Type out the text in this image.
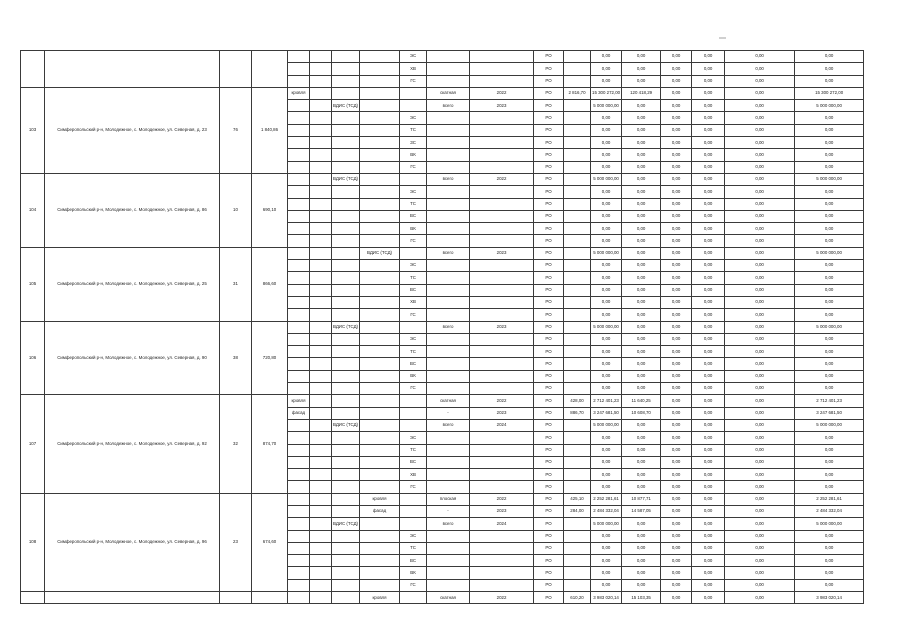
								ЭС			РО		0,00	0,00	0,00	0,00	0,00	0,00
								ХВ			РО		0,00	0,00	0,00	0,00	0,00	0,00
								ГС			РО		0,00	0,00	0,00	0,00	0,00	0,00
103	Симферопольский р-н, Молодежное, с. Молодежное, ул. Северная, д. 23	76	1 840,86	кровля					скатная	2022	РО	2 816,70	15 300 272,00	120 418,29	0,00	0,00	0,00	15 300 272,00
						ВДИС (ТСД)			всего	2023	РО		5 000 000,00	0,00	0,00	0,00	0,00	5 000 000,00
								ЭС			РО		0,00	0,00	0,00	0,00	0,00	0,00
								ТС			РО		0,00	0,00	0,00	0,00	0,00	0,00
								ЗС			РО		0,00	0,00	0,00	0,00	0,00	0,00
								ВК			РО		0,00	0,00	0,00	0,00	0,00	0,00
								ГС			РО		0,00	0,00	0,00	0,00	0,00	0,00
104	Симферопольский р-н, Молодежное, с. Молодежное, ул. Северная, д. 86	10	690,10			ВДИС (ТСД)			всего	2022	РО		5 000 000,00	0,00	0,00	0,00	0,00	5 000 000,00
								ЭС			РО		0,00	0,00	0,00	0,00	0,00	0,00
								ТС			РО		0,00	0,00	0,00	0,00	0,00	0,00
								ВС			РО		0,00	0,00	0,00	0,00	0,00	0,00
								ВК			РО		0,00	0,00	0,00	0,00	0,00	0,00
								ГС			РО		0,00	0,00	0,00	0,00	0,00	0,00
105	Симферопольский р-н, Молодежное, с. Молодежное, ул. Северная, д. 25	31	866,60				ВДИС (ТСД)		всего	2023	РО		5 000 000,00	0,00	0,00	0,00	0,00	5 000 000,00
								ЭС			РО		0,00	0,00	0,00	0,00	0,00	0,00
								ТС			РО		0,00	0,00	0,00	0,00	0,00	0,00
								ВС			РО		0,00	0,00	0,00	0,00	0,00	0,00
								ХВ			РО		0,00	0,00	0,00	0,00	0,00	0,00
								ГС			РО		0,00	0,00	0,00	0,00	0,00	0,00
106	Симферопольский р-н, Молодежное, с. Молодежное, ул. Северная, д. 90	38	720,80			ВДИС (ТСД)			всего	2023	РО		5 000 000,00	0,00	0,00	0,00	0,00	5 000 000,00
								ЭС			РО		0,00	0,00	0,00	0,00	0,00	0,00
								ТС			РО		0,00	0,00	0,00	0,00	0,00	0,00
								ВС			РО		0,00	0,00	0,00	0,00	0,00	0,00
								ВК			РО		0,00	0,00	0,00	0,00	0,00	0,00
								ГС			РО		0,00	0,00	0,00	0,00	0,00	0,00
107	Симферопольский р-н, Молодежное, с. Молодежное, ул. Северная, д. 92	32	874,70	кровля					скатная	2022	РО	428,00	2 712 401,23	11 640,25	0,00	0,00	0,00	2 712 401,23
				фасад					-	2023	РО	886,70	3 247 681,50	10 608,70	0,00	0,00	0,00	3 247 681,50
						ВДИС (ТСД)			всего	2024	РО		5 000 000,00	0,00	0,00	0,00	0,00	5 000 000,00
								ЭС			РО		0,00	0,00	0,00	0,00	0,00	0,00
								ТС			РО		0,00	0,00	0,00	0,00	0,00	0,00
								ВС			РО		0,00	0,00	0,00	0,00	0,00	0,00
								ХВ			РО		0,00	0,00	0,00	0,00	0,00	0,00
								ГС			РО		0,00	0,00	0,00	0,00	0,00	0,00
108	Симферопольский р-н, Молодежное, с. Молодежное, ул. Северная, д. 96	23	674,60				кровля		плоская	2022	РО	425,10	2 252 281,61	10 877,71	0,00	0,00	0,00	2 252 281,61
							фасад		-	2023	РО	284,00	2 484 332,04	14 587,05	0,00	0,00	0,00	2 484 332,04
						ВДИС (ТСД)			всего	2024	РО		5 000 000,00	0,00	0,00	0,00	0,00	5 000 000,00
								ЭС			РО		0,00	0,00	0,00	0,00	0,00	0,00
								ТС			РО		0,00	0,00	0,00	0,00	0,00	0,00
								ВС			РО		0,00	0,00	0,00	0,00	0,00	0,00
								ВК			РО		0,00	0,00	0,00	0,00	0,00	0,00
								ГС			РО		0,00	0,00	0,00	0,00	0,00	0,00
							кровля		скатная	2022	РО	610,20	3 983 020,14	15 103,35	0,00	0,00	0,00	3 983 020,14
